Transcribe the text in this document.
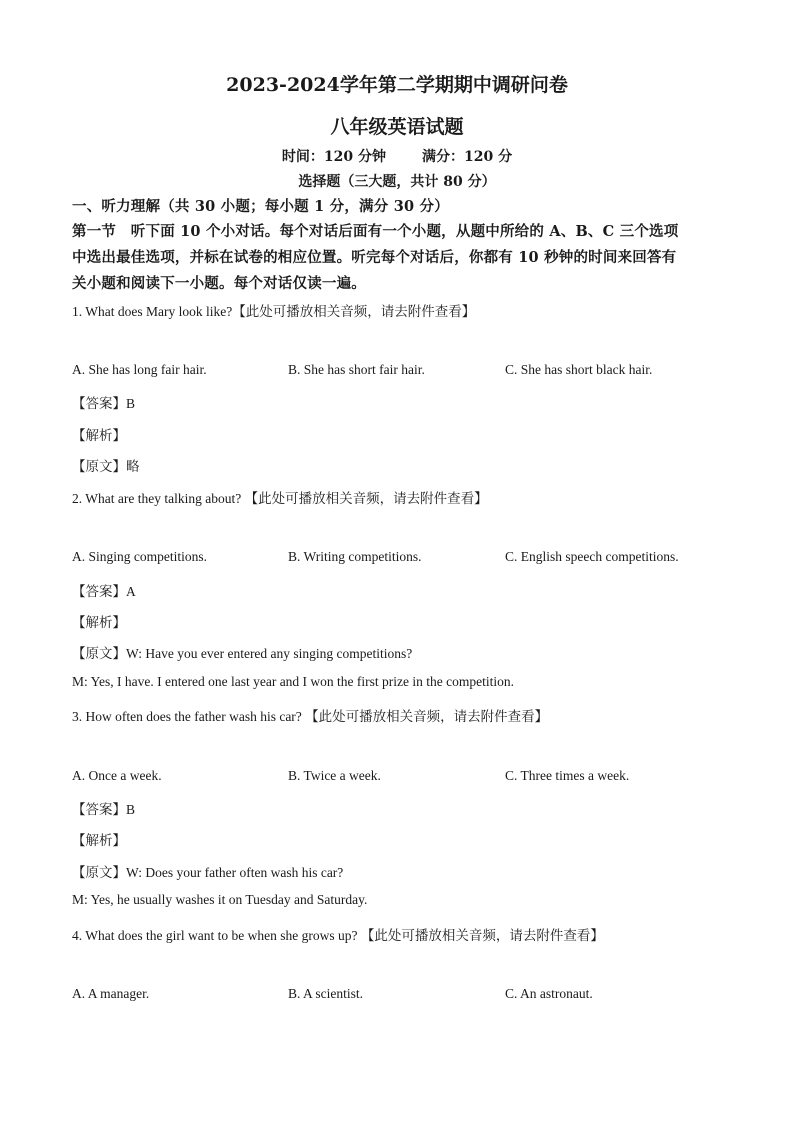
2023-2024学年第二学期期中调研问卷
八年级英语试题
时间：120 分钟	满分：120 分
选择题（三大题，共计 80 分）
一、听力理解（共 30 小题；每小题 1 分，满分 30 分）
第一节　听下面 10 个小对话。每个对话后面有一个小题，从题中所给的 A、B、C 三个选项
中选出最佳选项，并标在试卷的相应位置。听完每个对话后，你都有 10 秒钟的时间来回答有
关小题和阅读下一小题。每个对话仅读一遍。
1. What does Mary look like?【此处可播放相关音频，请去附件查看】
A. She has long fair hair.	B. She has short fair hair.	C. She has short black hair.
【答案】B
【解析】
【原文】略
2. What are they talking about? 【此处可播放相关音频，请去附件查看】
A. Singing competitions.	B. Writing competitions.	C. English speech competitions.
【答案】A
【解析】
【原文】W: Have you ever entered any singing competitions?
M: Yes, I have. I entered one last year and I won the first prize in the competition.
3. How often does the father wash his car? 【此处可播放相关音频，请去附件查看】
A. Once a week.	B. Twice a week.	C. Three times a week.
【答案】B
【解析】
【原文】W: Does your father often wash his car?
M: Yes, he usually washes it on Tuesday and Saturday.
4. What does the girl want to be when she grows up? 【此处可播放相关音频，请去附件查看】
A. A manager.	B. A scientist.	C. An astronaut.
